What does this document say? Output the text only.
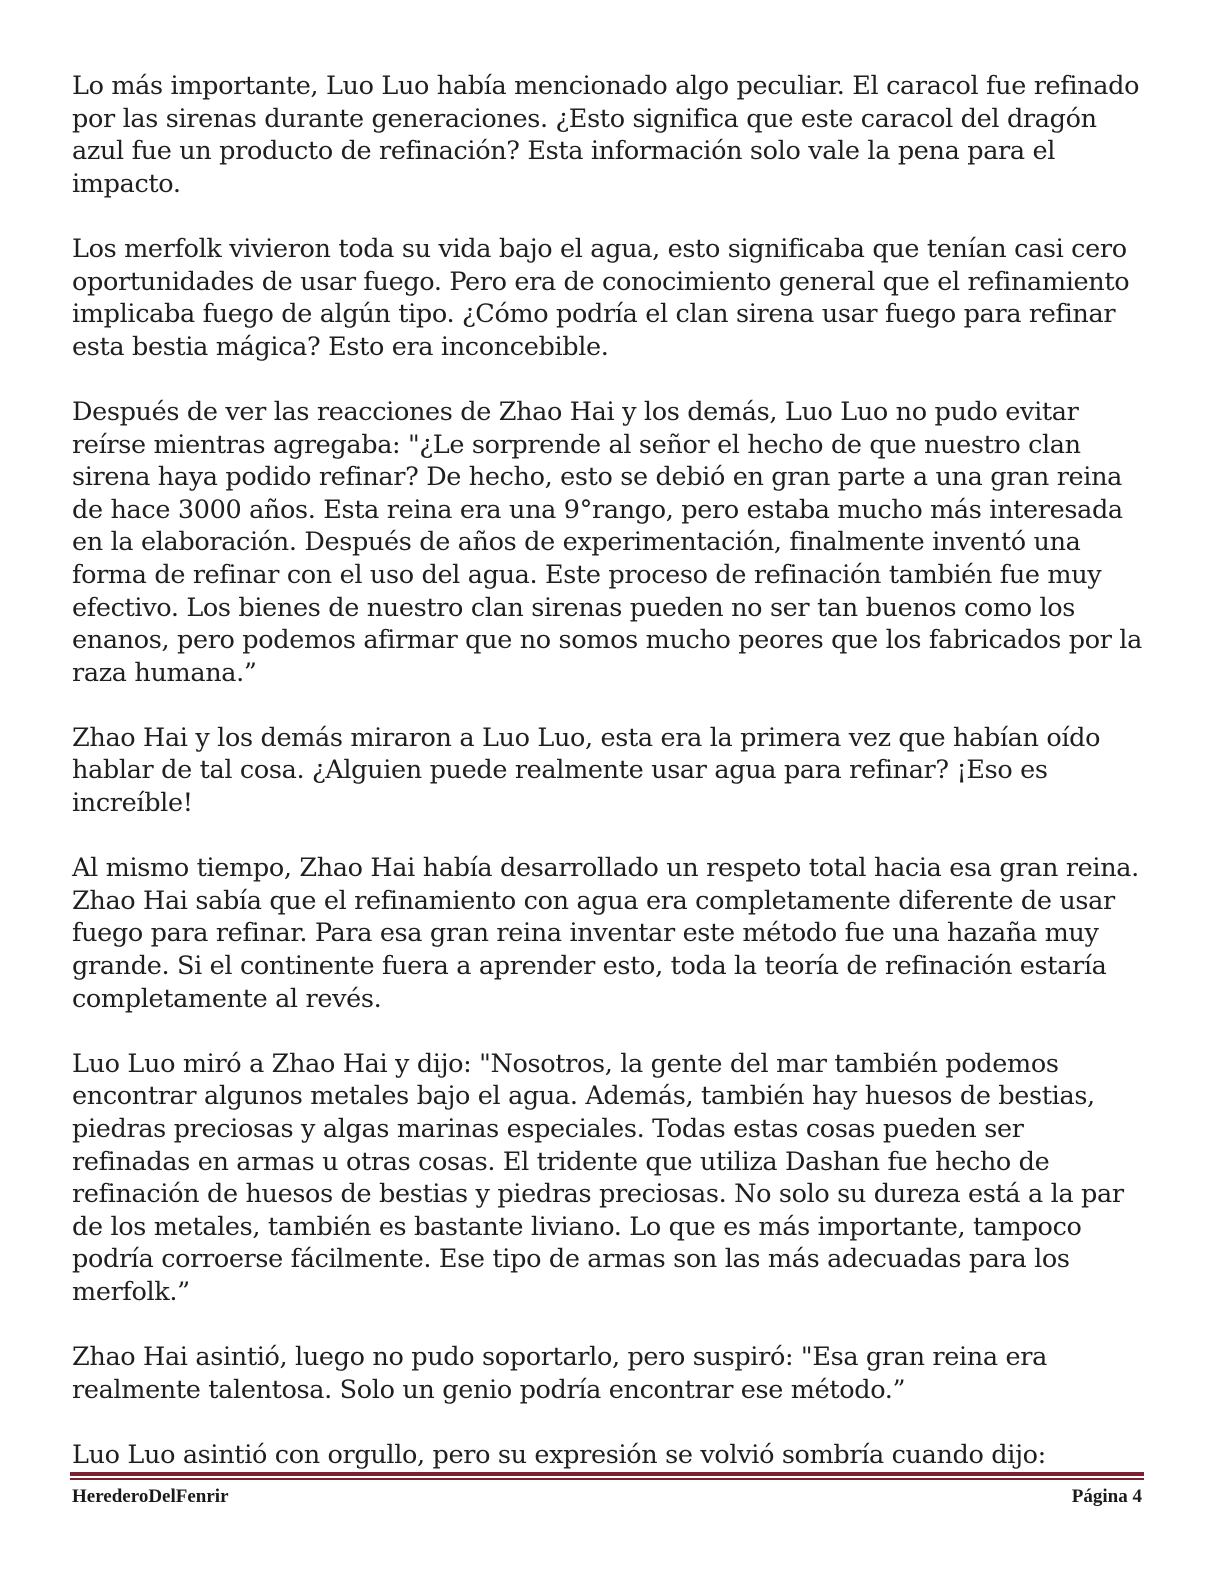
Lo más importante, Luo Luo había mencionado algo peculiar. El caracol fue refinado por las sirenas durante generaciones. ¿Esto significa que este caracol del dragón azul fue un producto de refinación? Esta información solo vale la pena para el impacto.

Los merfolk vivieron toda su vida bajo el agua, esto significaba que tenían casi cero oportunidades de usar fuego. Pero era de conocimiento general que el refinamiento implicaba fuego de algún tipo. ¿Cómo podría el clan sirena usar fuego para refinar esta bestia mágica? Esto era inconcebible.

Después de ver las reacciones de Zhao Hai y los demás, Luo Luo no pudo evitar reírse mientras agregaba: "¿Le sorprende al señor el hecho de que nuestro clan sirena haya podido refinar? De hecho, esto se debió en gran parte a una gran reina de hace 3000 años. Esta reina era una 9°rango, pero estaba mucho más interesada en la elaboración. Después de años de experimentación, finalmente inventó una forma de refinar con el uso del agua. Este proceso de refinación también fue muy efectivo. Los bienes de nuestro clan sirenas pueden no ser tan buenos como los enanos, pero podemos afirmar que no somos mucho peores que los fabricados por la raza humana.”

Zhao Hai y los demás miraron a Luo Luo, esta era la primera vez que habían oído hablar de tal cosa. ¿Alguien puede realmente usar agua para refinar? ¡Eso es increíble!

Al mismo tiempo, Zhao Hai había desarrollado un respeto total hacia esa gran reina. Zhao Hai sabía que el refinamiento con agua era completamente diferente de usar fuego para refinar. Para esa gran reina inventar este método fue una hazaña muy grande. Si el continente fuera a aprender esto, toda la teoría de refinación estaría completamente al revés.

Luo Luo miró a Zhao Hai y dijo: "Nosotros, la gente del mar también podemos encontrar algunos metales bajo el agua. Además, también hay huesos de bestias, piedras preciosas y algas marinas especiales. Todas estas cosas pueden ser refinadas en armas u otras cosas. El tridente que utiliza Dashan fue hecho de refinación de huesos de bestias y piedras preciosas. No solo su dureza está a la par de los metales, también es bastante liviano. Lo que es más importante, tampoco podría corroerse fácilmente. Ese tipo de armas son las más adecuadas para los merfolk.”

Zhao Hai asintió, luego no pudo soportarlo, pero suspiró: "Esa gran reina era realmente talentosa. Solo un genio podría encontrar ese método.”

Luo Luo asintió con orgullo, pero su expresión se volvió sombría cuando dijo:

HerederoDelFenrir	Página 4
